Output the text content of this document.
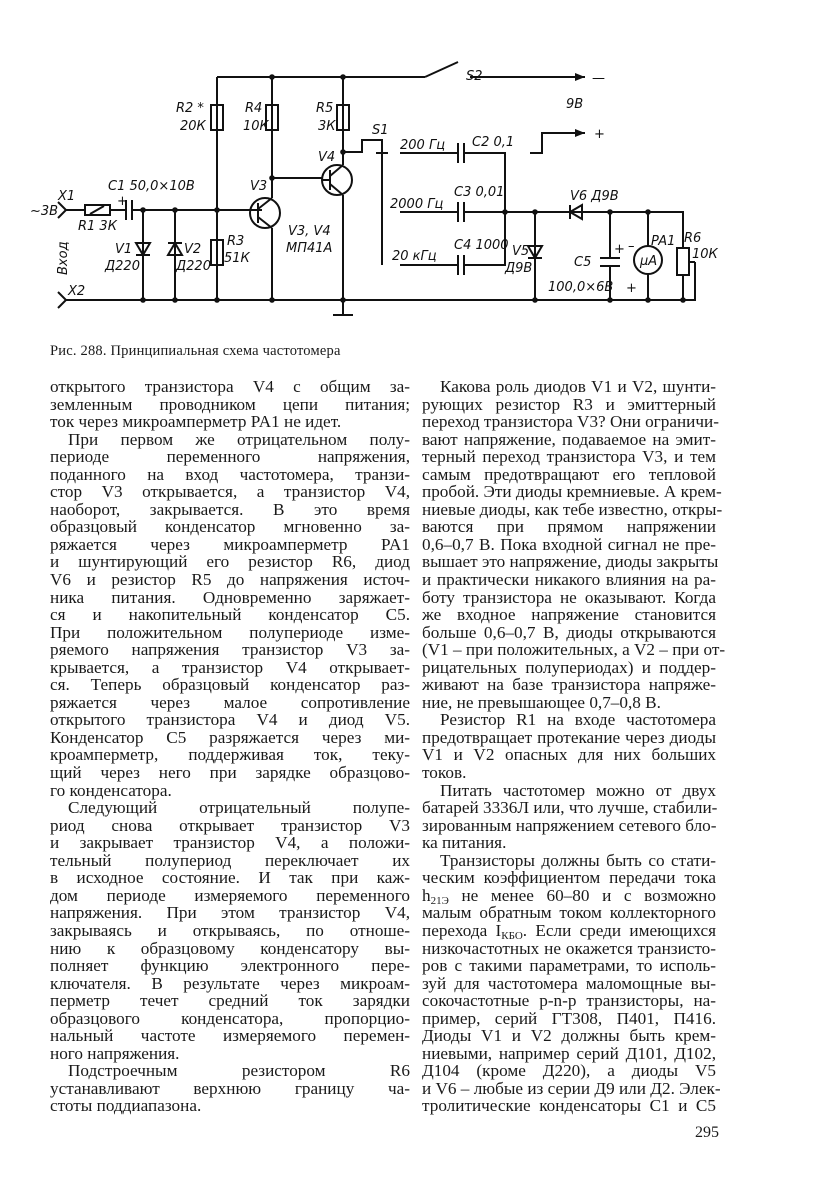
X1
~3В
X2
Вход
R1 3К
C1 50,0×10В
+
V1
Д220
V2
Д220
R2 *
20К
R3
51К
R4
10К
R5
3К
V3
V4
V3, V4
МП41А
S1
S2
9В
—
+
200 Гц C2 0,1
2000 Гц
C3 0,01
20 кГц
C4 1000 V5
Д9В
V6 Д9В
C5
+
100,0×6В
PA1
μA
–
+
R6
10К
Рис. 288. Принципиальная схема частотомера
открытого транзистора V4 с общим за-
земленным проводником цепи питания;
ток через микроамперметр PA1 не идет.
При первом же отрицательном полу-
периоде переменного напряжения,
поданного на вход частотомера, транзи-
стор V3 открывается, а транзистор V4,
наоборот, закрывается. В это время
образцовый конденсатор мгновенно за-
ряжается через микроамперметр PA1
и шунтирующий его резистор R6, диод
V6 и резистор R5 до напряжения источ-
ника питания. Одновременно заряжает-
ся и накопительный конденсатор C5.
При положительном полупериоде изме-
ряемого напряжения транзистор V3 за-
крывается, а транзистор V4 открывает-
ся. Теперь образцовый конденсатор раз-
ряжается через малое сопротивление
открытого транзистора V4 и диод V5.
Конденсатор C5 разряжается через ми-
кроамперметр, поддерживая ток, теку-
щий через него при зарядке образцово-
го конденсатора.
Следующий отрицательный полупе-
риод снова открывает транзистор V3
и закрывает транзистор V4, а положи-
тельный полупериод переключает их
в исходное состояние. И так при каж-
дом периоде измеряемого переменного
напряжения. При этом транзистор V4,
закрываясь и открываясь, по отноше-
нию к образцовому конденсатору вы-
полняет функцию электронного пере-
ключателя. В результате через микроам-
перметр течет средний ток зарядки
образцового конденсатора, пропорцио-
нальный частоте измеряемого перемен-
ного напряжения.
Подстроечным резистором R6
устанавливают верхнюю границу ча-
стоты поддиапазона.
Какова роль диодов V1 и V2, шунти-
рующих резистор R3 и эмиттерный
переход транзистора V3? Они ограничи-
вают напряжение, подаваемое на эмит-
терный переход транзистора V3, и тем
самым предотвращают его тепловой
пробой. Эти диоды кремниевые. А крем-
ниевые диоды, как тебе известно, откры-
ваются при прямом напряжении
0,6–0,7 В. Пока входной сигнал не пре-
вышает это напряжение, диоды закрыты
и практически никакого влияния на ра-
боту транзистора не оказывают. Когда
же входное напряжение становится
больше 0,6–0,7 В, диоды открываются
(V1 – при положительных, а V2 – при от-
рицательных полупериодах) и поддер-
живают на базе транзистора напряже-
ние, не превышающее 0,7–0,8 В.
Резистор R1 на входе частотомера
предотвращает протекание через диоды
V1 и V2 опасных для них больших
токов.
Питать частотомер можно от двух
батарей 3336Л или, что лучше, стабили-
зированным напряжением сетевого бло-
ка питания.
Транзисторы должны быть со стати-
ческим коэффициентом передачи тока
$h_{21Э}$ не менее 60–80 и с возможно
малым обратным током коллекторного
перехода $I_{КБО}$. Если среди имеющихся
низкочастотных не окажется транзисто-
ров с такими параметрами, то исполь-
зуй для частотомера маломощные вы-
сокочастотные p-n-p транзисторы, на-
пример, серий ГТ308, П401, П416.
Диоды V1 и V2 должны быть крем-
ниевыми, например серий Д101, Д102,
Д104 (кроме Д220), а диоды V5
и V6 – любые из серии Д9 или Д2. Элек-
тролитические конденсаторы C1 и C5
295
